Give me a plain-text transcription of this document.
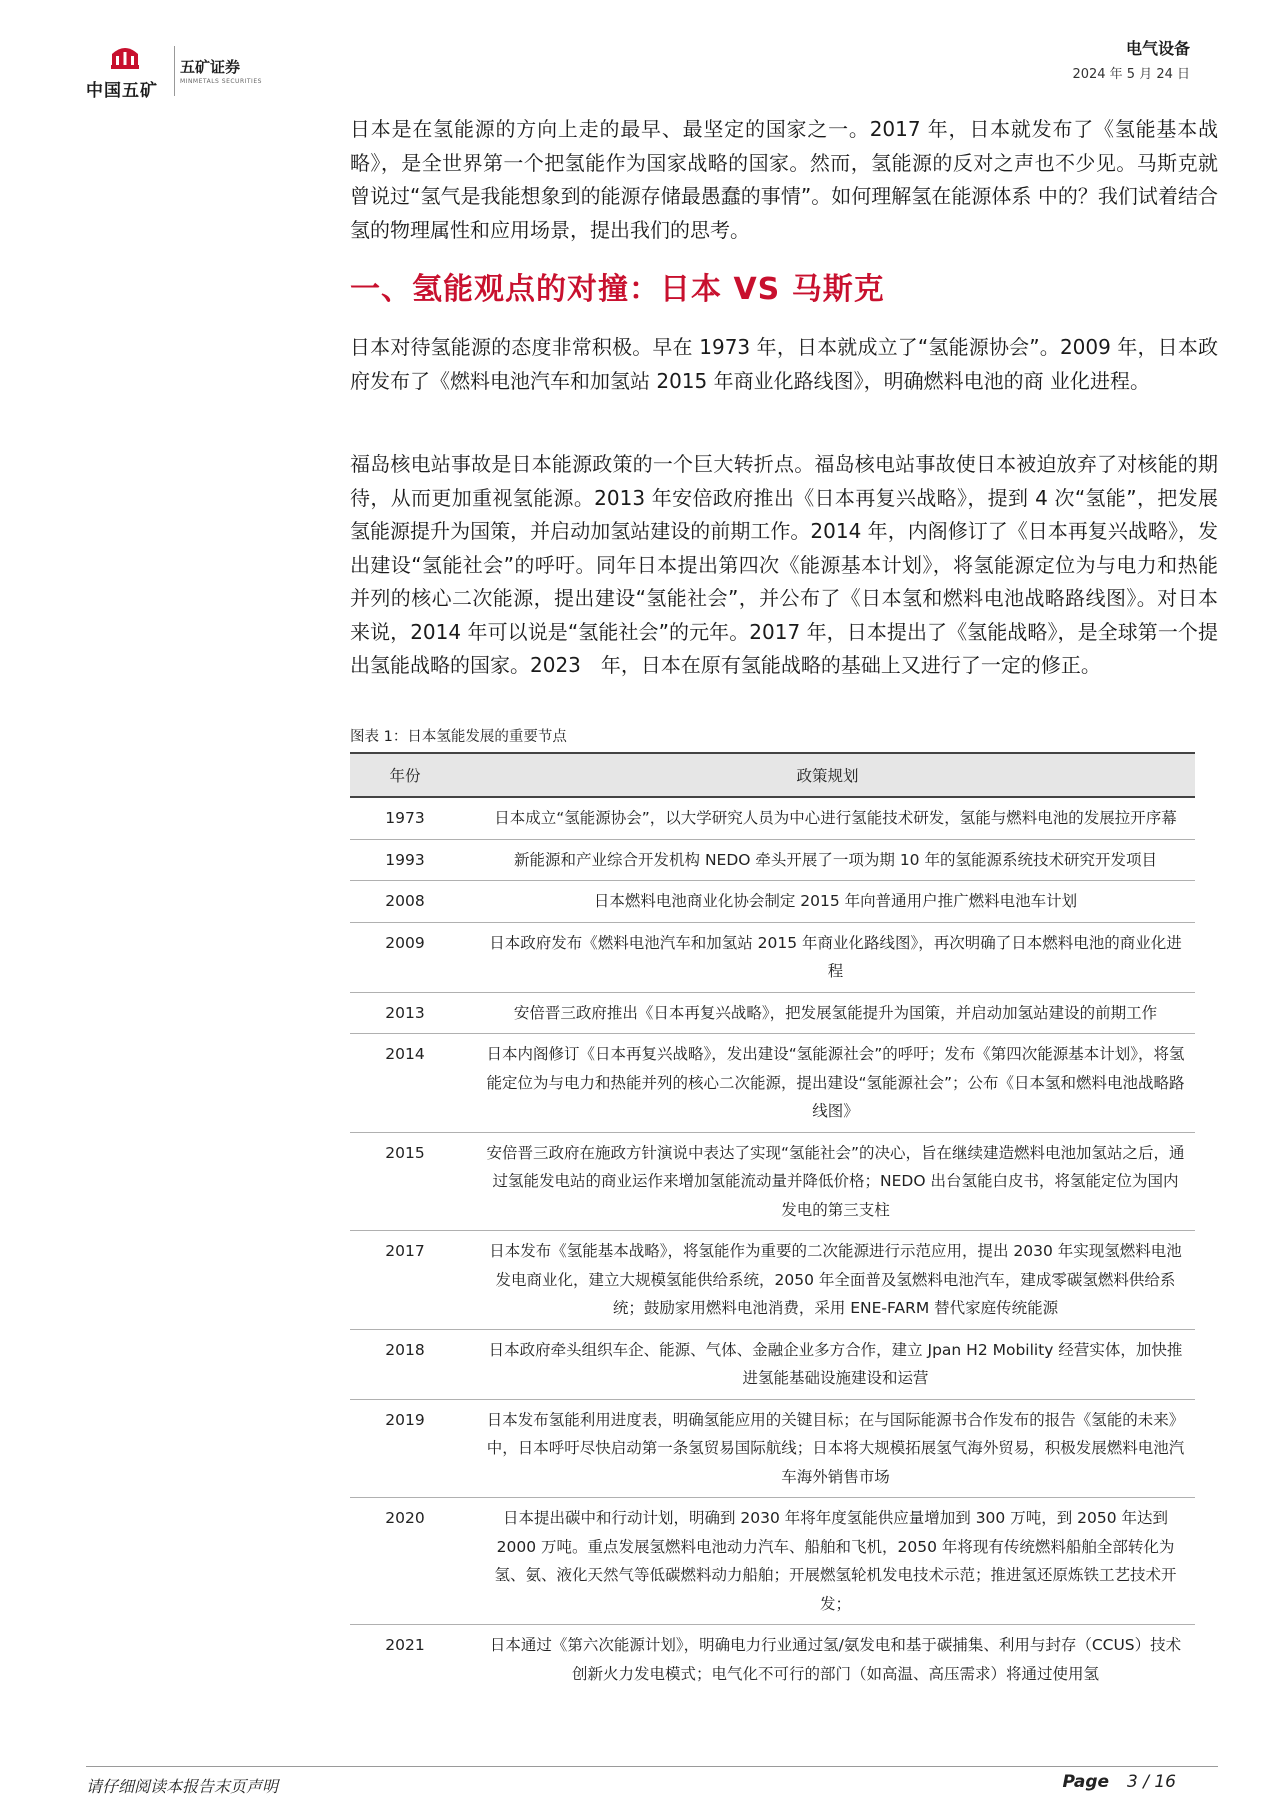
中国五矿
五矿证券
MINMETALS SECURITIES
电气设备
2024 年 5 月 24 日

日本是在氢能源的方向上走的最早、最坚定的国家之一。2017 年，日本就发布了《氢能基本战略》，是全世界第一个把氢能作为国家战略的国家。然而，氢能源的反对之声也不少见。马斯克就曾说过“氢气是我能想象到的能源存储最愚蠢的事情”。如何理解氢在能源体系 中的？我们试着结合氢的物理属性和应用场景，提出我们的思考。

一、氢能观点的对撞：日本 VS 马斯克

日本对待氢能源的态度非常积极。早在 1973 年，日本就成立了“氢能源协会”。2009 年，日本政府发布了《燃料电池汽车和加氢站 2015 年商业化路线图》，明确燃料电池的商 业化进程。

福岛核电站事故是日本能源政策的一个巨大转折点。福岛核电站事故使日本被迫放弃了对核能的期待，从而更加重视氢能源。2013 年安倍政府推出《日本再复兴战略》，提到 4 次“氢能”，把发展氢能源提升为国策，并启动加氢站建设的前期工作。2014 年，内阁修订了《日本再复兴战略》，发出建设“氢能社会”的呼吁。同年日本提出第四次《能源基本计划》，将氢能源定位为与电力和热能并列的核心二次能源，提出建设“氢能社会”，并公布了《日本氢和燃料电池战略路线图》。对日本来说，2014 年可以说是“氢能社会”的元年。2017 年，日本提出了《氢能战略》，是全球第一个提出氢能战略的国家。2023　年，日本在原有氢能战略的基础上又进行了一定的修正。

图表 1：日本氢能发展的重要节点
年份	政策规划
1973	日本成立“氢能源协会”，以大学研究人员为中心进行氢能技术研发，氢能与燃料电池的发展拉开序幕
1993	新能源和产业综合开发机构 NEDO 牵头开展了一项为期 10 年的氢能源系统技术研究开发项目
2008	日本燃料电池商业化协会制定 2015 年向普通用户推广燃料电池车计划
2009	日本政府发布《燃料电池汽车和加氢站 2015 年商业化路线图》，再次明确了日本燃料电池的商业化进程
2013	安倍晋三政府推出《日本再复兴战略》，把发展氢能提升为国策，并启动加氢站建设的前期工作
2014	日本内阁修订《日本再复兴战略》，发出建设“氢能源社会”的呼吁；发布《第四次能源基本计划》，将氢能定位为与电力和热能并列的核心二次能源，提出建设“氢能源社会”；公布《日本氢和燃料电池战略路线图》
2015	安倍晋三政府在施政方针演说中表达了实现“氢能社会”的决心，旨在继续建造燃料电池加氢站之后，通过氢能发电站的商业运作来增加氢能流动量并降低价格；NEDO 出台氢能白皮书，将氢能定位为国内发电的第三支柱
2017	日本发布《氢能基本战略》，将氢能作为重要的二次能源进行示范应用，提出 2030 年实现氢燃料电池发电商业化，建立大规模氢能供给系统，2050 年全面普及氢燃料电池汽车，建成零碳氢燃料供给系统；鼓励家用燃料电池消费，采用 ENE-FARM 替代家庭传统能源
2018	日本政府牵头组织车企、能源、气体、金融企业多方合作，建立 Jpan H2 Mobility 经营实体，加快推进氢能基础设施建设和运营
2019	日本发布氢能利用进度表，明确氢能应用的关键目标；在与国际能源书合作发布的报告《氢能的未来》中，日本呼吁尽快启动第一条氢贸易国际航线；日本将大规模拓展氢气海外贸易，积极发展燃料电池汽车海外销售市场
2020	日本提出碳中和行动计划，明确到 2030 年将年度氢能供应量增加到 300 万吨，到 2050 年达到 2000 万吨。重点发展氢燃料电池动力汽车、船舶和飞机，2050 年将现有传统燃料船舶全部转化为氢、氨、液化天然气等低碳燃料动力船舶；开展燃氢轮机发电技术示范；推进氢还原炼铁工艺技术开发；
2021	日本通过《第六次能源计划》，明确电力行业通过氢/氨发电和基于碳捕集、利用与封存（CCUS）技术创新火力发电模式；电气化不可行的部门（如高温、高压需求）将通过使用氢
请仔细阅读本报告末页声明	Page 3 / 16
